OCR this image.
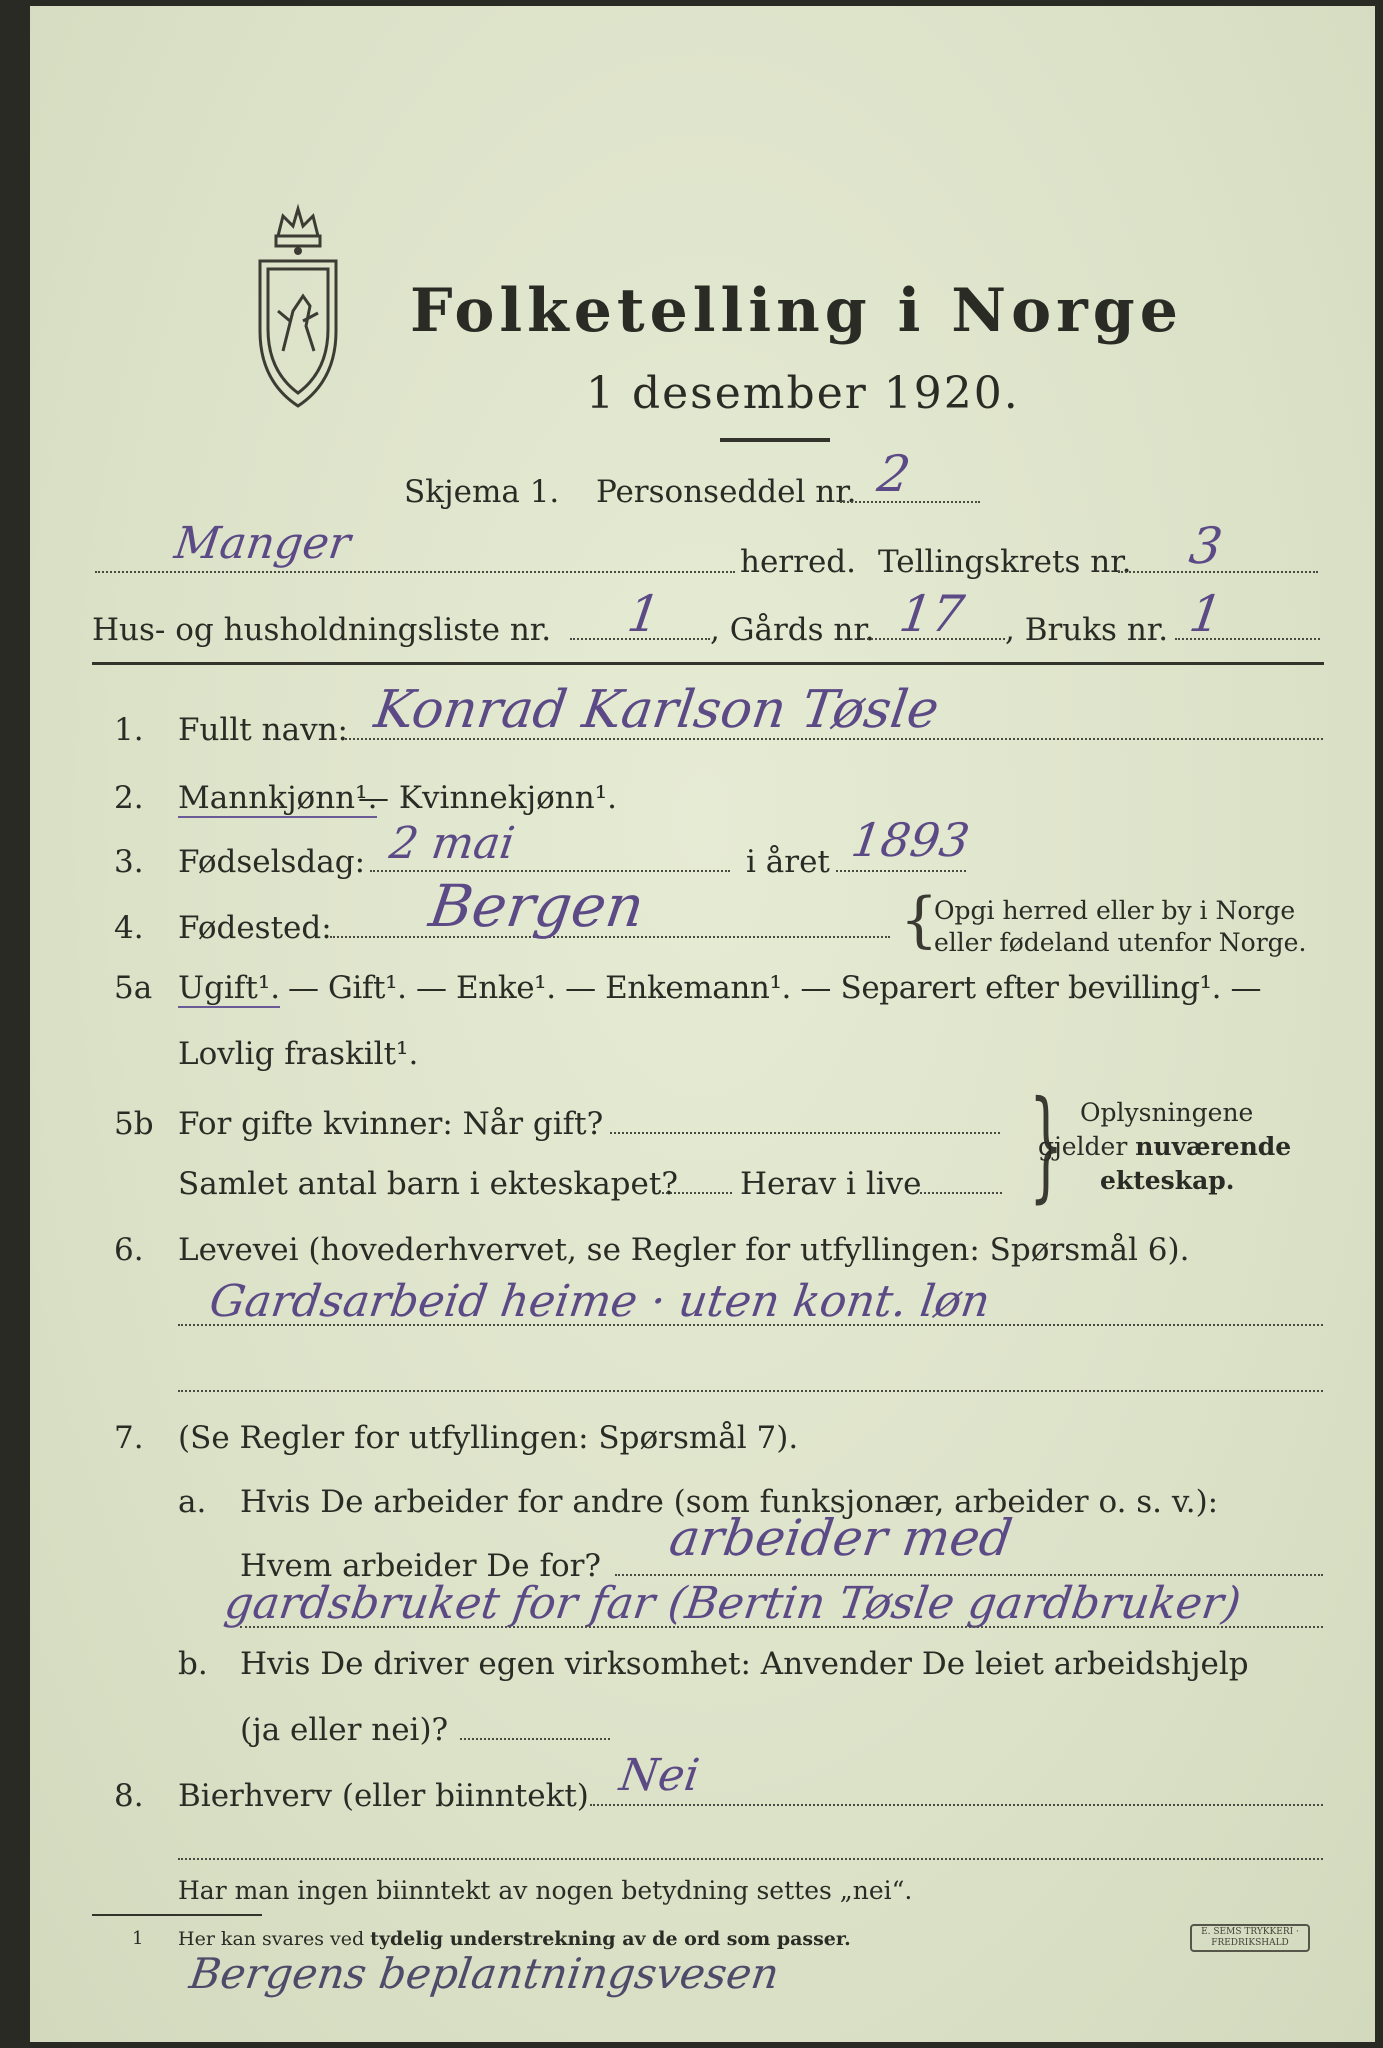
Folketelling i Norge
1 desember 1920.
Skjema 1. Personseddel nr. 2
Manger	herred. Tellingskrets nr. 3
Hus- og husholdningsliste nr. 1 , Gårds nr. 17 , Bruks nr. 1
1. Fullt navn: Konrad Karlson Tøsle
2. Mannkjønn¹.
— Kvinnekjønn¹.
3. Fødselsdag: 2 mai	i året 1893
4. Fødested: Bergen	{
Opgi herred eller by i Norge
eller fødeland utenfor Norge.
5a Ugift¹. — Gift¹. — Enke¹. — Enkemann¹. — Separert efter bevilling¹. —
Lovlig fraskilt¹.
5b For gifte kvinner: Når gift?
Samlet antal barn i ekteskapet? Herav i live } Oplysningene
gjelder nuværende
ekteskap.
6. Levevei (hovederhvervet, se Regler for utfyllingen: Spørsmål 6).
Gardsarbeid heime · uten kont. løn
7. (Se Regler for utfyllingen: Spørsmål 7).
a. Hvis De arbeider for andre (som funksjonær, arbeider o. s. v.):
Hvem arbeider De for? arbeider med
gardsbruket for far (Bertin Tøsle gardbruker)
b. Hvis De driver egen virksomhet: Anvender De leiet arbeidshjelp
(ja eller nei)?
8. Bierhverv (eller biinntekt) Nei
Har man ingen biinntekt av nogen betydning settes „nei“.
1 Her kan svares ved tydelig understrekning av de ord som passer.	E. SEMS TRYKKERI · FREDRIKSHALD
Bergens beplantningsvesen
